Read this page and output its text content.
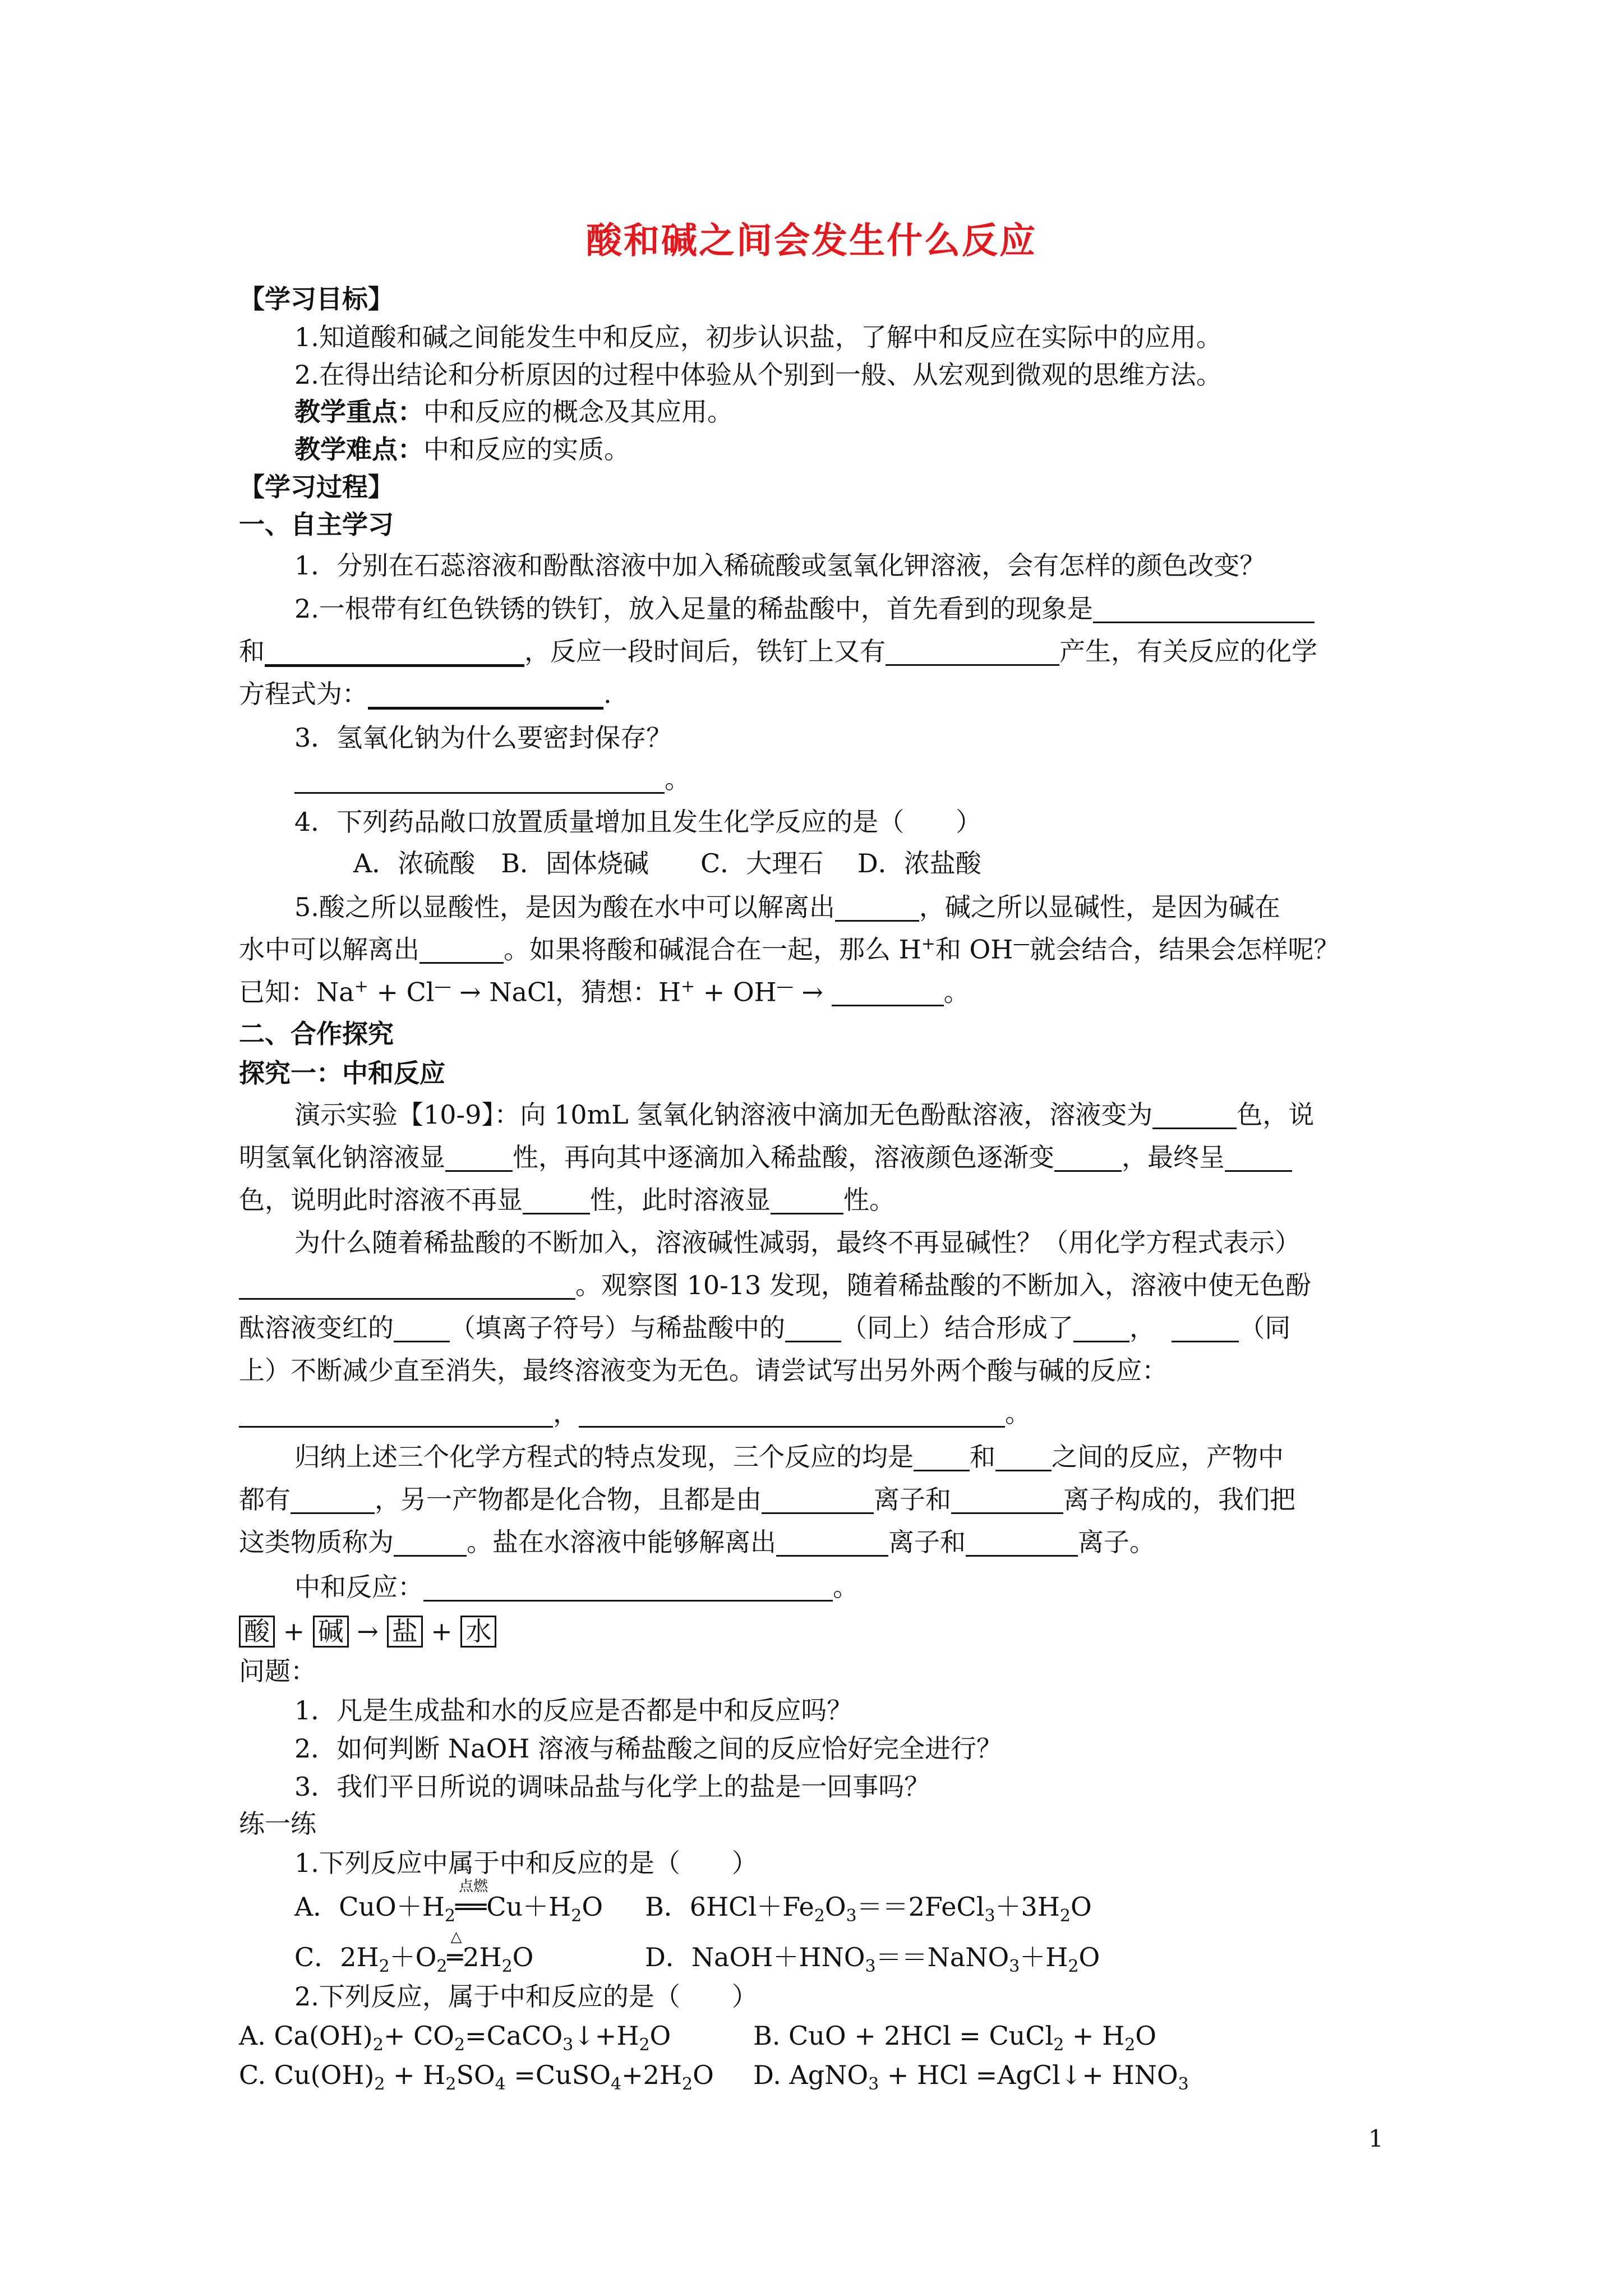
酸和碱之间会发生什么反应
【学习目标】
1.知道酸和碱之间能发生中和反应，初步认识盐，了解中和反应在实际中的应用。
2.在得出结论和分析原因的过程中体验从个别到一般、从宏观到微观的思维方法。
教学重点：中和反应的概念及其应用。
教学难点：中和反应的实质。
【学习过程】
一、自主学习
1．分别在石蕊溶液和酚酞溶液中加入稀硫酸或氢氧化钾溶液，会有怎样的颜色改变？
2.一根带有红色铁锈的铁钉，放入足量的稀盐酸中，首先看到的现象是
和	，反应一段时间后，铁钉上又有	产生，有关反应的化学
方程式为：	.
3．氢氧化钠为什么要密封保存？
。
4．下列药品敞口放置质量增加且发生化学反应的是（　　）
A．浓硫酸　B．固体烧碱　　C．大理石　 D．浓盐酸
5.酸之所以显酸性，是因为酸在水中可以解离出	，碱之所以显碱性，是因为碱在
水中可以解离出	。如果将酸和碱混合在一起，那么 H+和 OH—就会结合，结果会怎样呢？
已知：Na+ + Cl— → NaCl，猜想：H+ + OH— →	。
二、合作探究
探究一：中和反应
演示实验【10-9】：向 10mL 氢氧化钠溶液中滴加无色酚酞溶液，溶液变为	色，说
明氢氧化钠溶液显	性，再向其中逐滴加入稀盐酸，溶液颜色逐渐变	，最终呈
色，说明此时溶液不再显	性，此时溶液显	性。
为什么随着稀盐酸的不断加入，溶液碱性减弱，最终不再显碱性？（用化学方程式表示）
。观察图 10-13 发现，随着稀盐酸的不断加入，溶液中使无色酚
酞溶液变红的 （填离子符号）与稀盐酸中的 （同上）结合形成了 ，	（同
上）不断减少直至消失，最终溶液变为无色。请尝试写出另外两个酸与碱的反应：
，	。
归纳上述三个化学方程式的特点发现，三个反应的均是 和 之间的反应，产物中
都有	，另一产物都是化合物，且都是由	离子和	离子构成的，我们把
这类物质称为	。盐在水溶液中能够解离出	离子和	离子。
中和反应：	。
酸 + 碱 → 盐 + 水
问题：
1．凡是生成盐和水的反应是否都是中和反应吗？
2．如何判断 NaOH 溶液与稀盐酸之间的反应恰好完全进行？
3．我们平日所说的调味品盐与化学上的盐是一回事吗？
练一练
1.下列反应中属于中和反应的是（　　）
A．$CuO+H_2$
点燃
$══Cu+H_2O$ B．$6HCl+Fe_2O_3==2FeCl_3+3H_2O$
C．$2H_2+O_2$
△
$═2H_2O$	D．$NaOH+HNO_3==NaNO_3+H_2O$
2.下列反应，属于中和反应的是（　　）
A. $Ca(OH)_2+$ $CO_2=CaCO_3↓+H_2O$	B. CuO + 2HCl = CuCl$_2$ + $H_2O$
C. $Cu(OH)_2 + H_2SO_4$ $=CuSO_4+2H_2O$ D. AgNO$_3$ + HCl =AgCl↓+ $HNO_3$
1
